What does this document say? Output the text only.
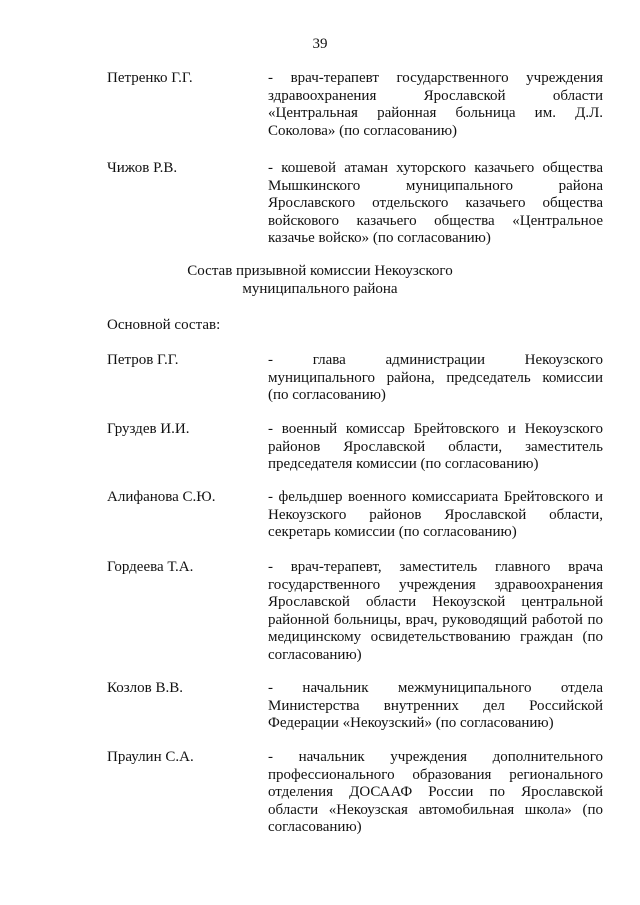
39
Петренко Г.Г.	- врач-терапевт государственного учреждения здравоохранения Ярославской области «Центральная районная больница им. Д.Л. Соколова» (по согласованию)
Чижов Р.В.	- кошевой атаман хуторского казачьего общества Мышкинского муниципального района Ярославского отдельского казачьего общества войскового казачьего общества «Центральное казачье войско» (по согласованию)
Состав призывной комиссии Некоузского
муниципального района
Основной состав:
Петров Г.Г.	- глава администрации Некоузского муниципального района, председатель комиссии (по согласованию)
Груздев И.И.	- военный комиссар Брейтовского и Некоузского районов Ярославской области, заместитель председателя комиссии (по согласованию)
Алифанова С.Ю.	- фельдшер военного комиссариата Брейтовского и Некоузского районов Ярославской области, секретарь комиссии (по согласованию)
Гордеева Т.А.	- врач-терапевт, заместитель главного врача государственного учреждения здравоохранения Ярославской области Некоузской центральной районной больницы, врач, руководящий работой по медицинскому освидетельствованию граждан (по согласованию)
Козлов В.В.	- начальник межмуниципального отдела Министерства внутренних дел Российской Федерации «Некоузский» (по согласованию)
Праулин С.А.	- начальник учреждения дополнительного профессионального образования регионального отделения ДОСААФ России по Ярославской области «Некоузская автомобильная школа» (по согласованию)
